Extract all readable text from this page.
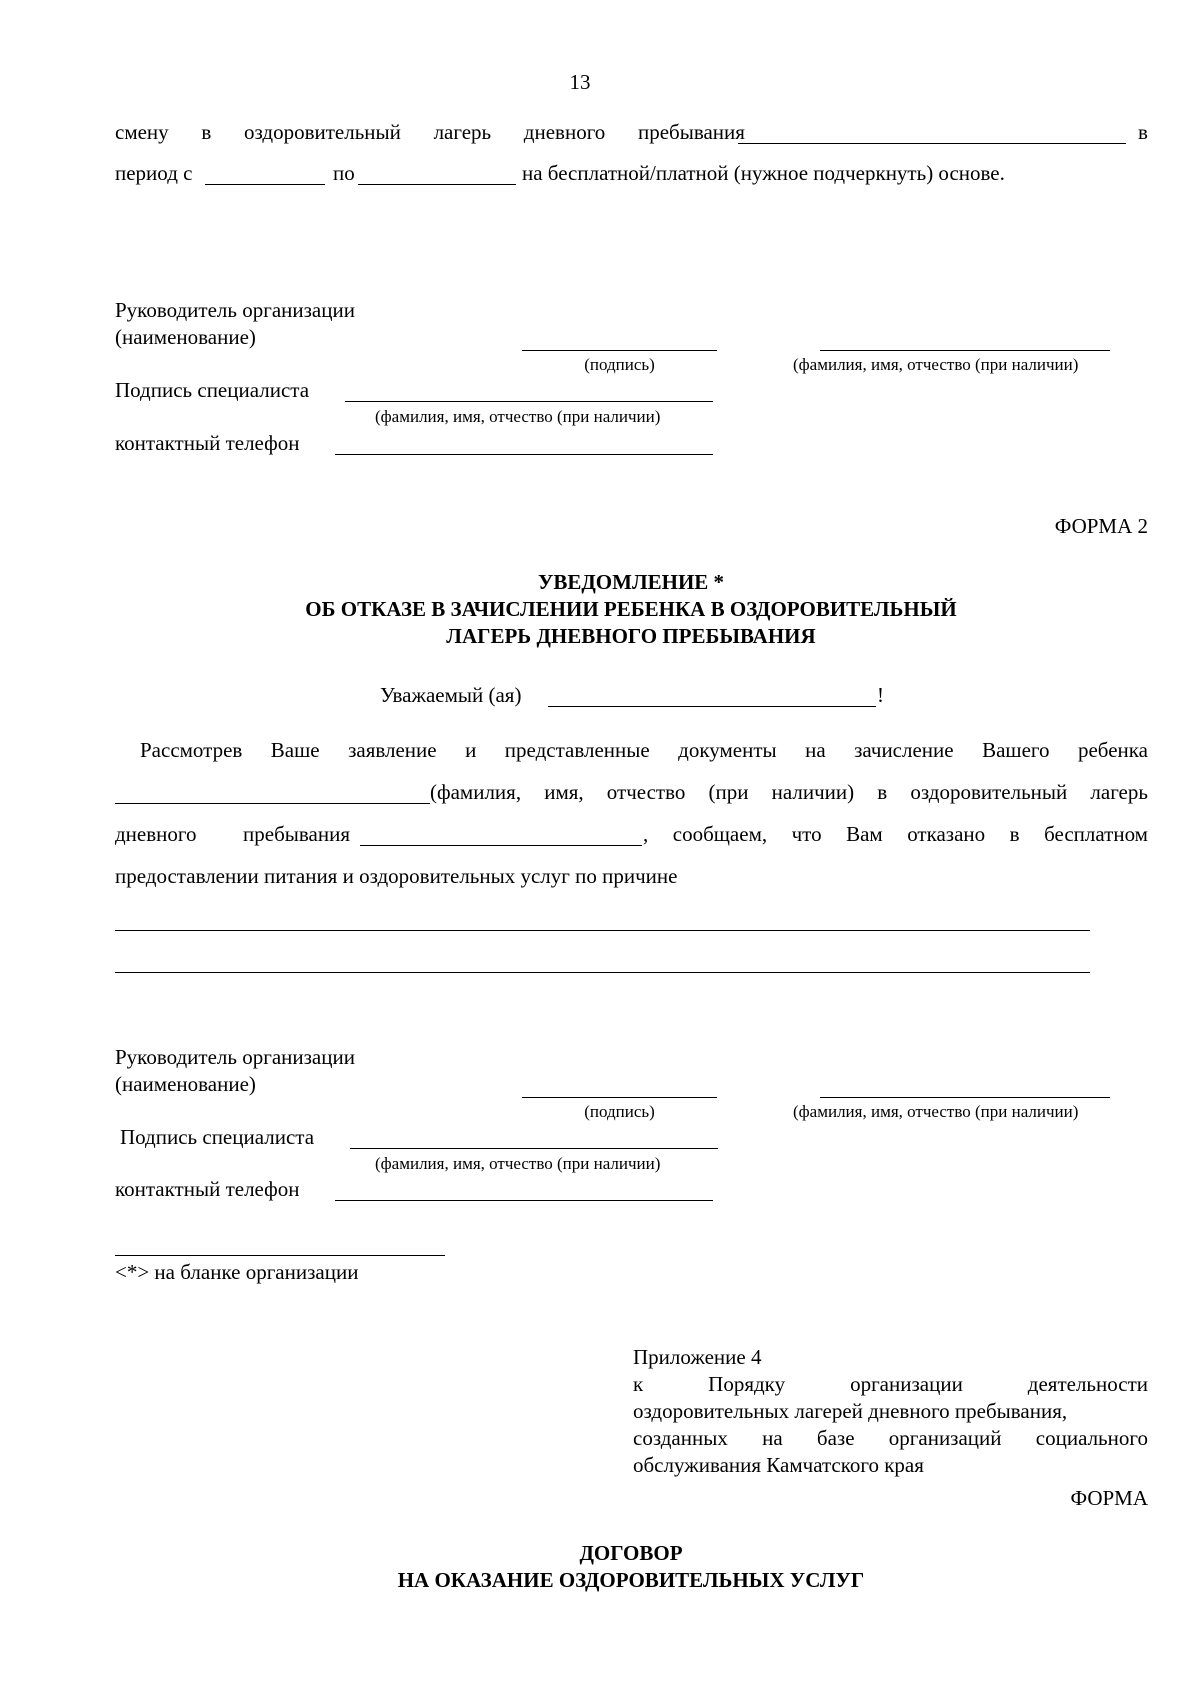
13
смену в оздоровительный лагерь дневного пребывания	в
период с	по	на бесплатной/платной (нужное подчеркнуть) основе.
Руководитель организации
(наименование)
(подпись)	(фамилия, имя, отчество (при наличии)
Подпись специалиста
(фамилия, имя, отчество (при наличии)
контактный телефон
ФОРМА 2
УВЕДОМЛЕНИЕ *
ОБ ОТКАЗЕ В ЗАЧИСЛЕНИИ РЕБЕНКА В ОЗДОРОВИТЕЛЬНЫЙ
ЛАГЕРЬ ДНЕВНОГО ПРЕБЫВАНИЯ
Уважаемый (ая)	!
Рассмотрев Ваше заявление и представленные документы на зачисление Вашего ребенка
(фамилия, имя, отчество (при наличии) в оздоровительный лагерь
дневного пребывания	, сообщаем, что Вам отказано в бесплатном
предоставлении питания и оздоровительных услуг по причине
Руководитель организации
(наименование)
(подпись)	(фамилия, имя, отчество (при наличии)
Подпись специалиста
(фамилия, имя, отчество (при наличии)
контактный телефон
<*> на бланке организации
Приложение 4
к	Порядку	организации	деятельности
оздоровительных лагерей дневного пребывания,
созданных на базе организаций социального
обслуживания Камчатского края
ФОРМА
ДОГОВОР
НА ОКАЗАНИЕ ОЗДОРОВИТЕЛЬНЫХ УСЛУГ
